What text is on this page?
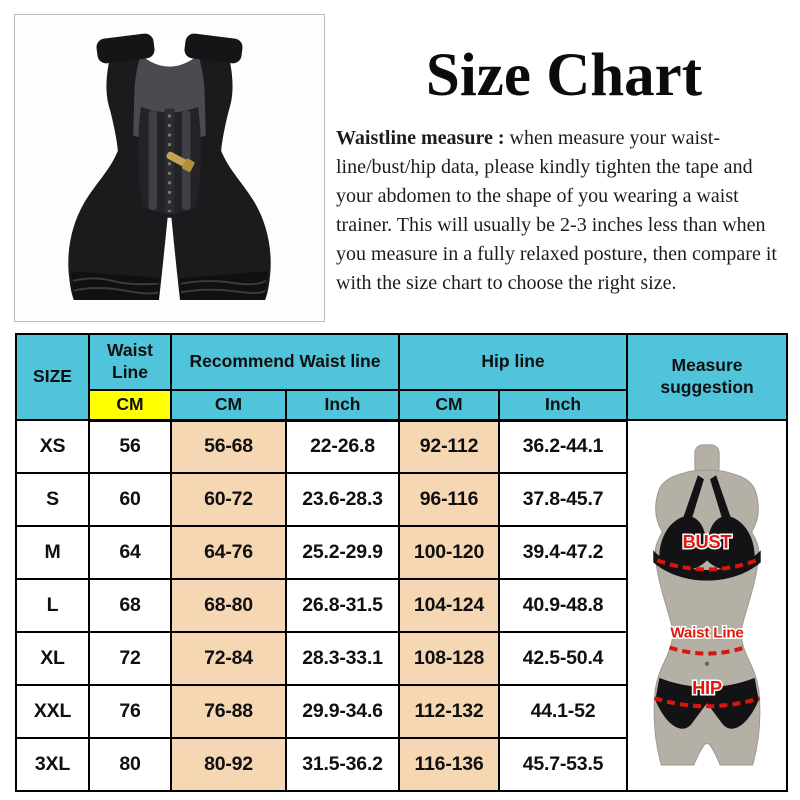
Size Chart

Waistline measure : when measure your waist-line/bust/hip data, please kindly tighten the tape and your abdomen to the shape of you wearing a waist trainer. This will usually be 2-3 inches less than when you measure in a fully relaxed posture, then compare it with the size chart to choose the right size.

SIZE	Waist Line	Recommend Waist line		Hip line		Measure suggestion
	CM	CM	Inch	CM	Inch	
XS	56	56-68	22-26.8	92-112	36.2-44.1	BUST
Waist Line
HIP

S	60	60-72	23.6-28.3	96-116	37.8-45.7	
M	64	64-76	25.2-29.9	100-120	39.4-47.2	
L	68	68-80	26.8-31.5	104-124	40.9-48.8	
XL	72	72-84	28.3-33.1	108-128	42.5-50.4	
XXL	76	76-88	29.9-34.6	112-132	44.1-52	
3XL	80	80-92	31.5-36.2	116-136	45.7-53.5	
